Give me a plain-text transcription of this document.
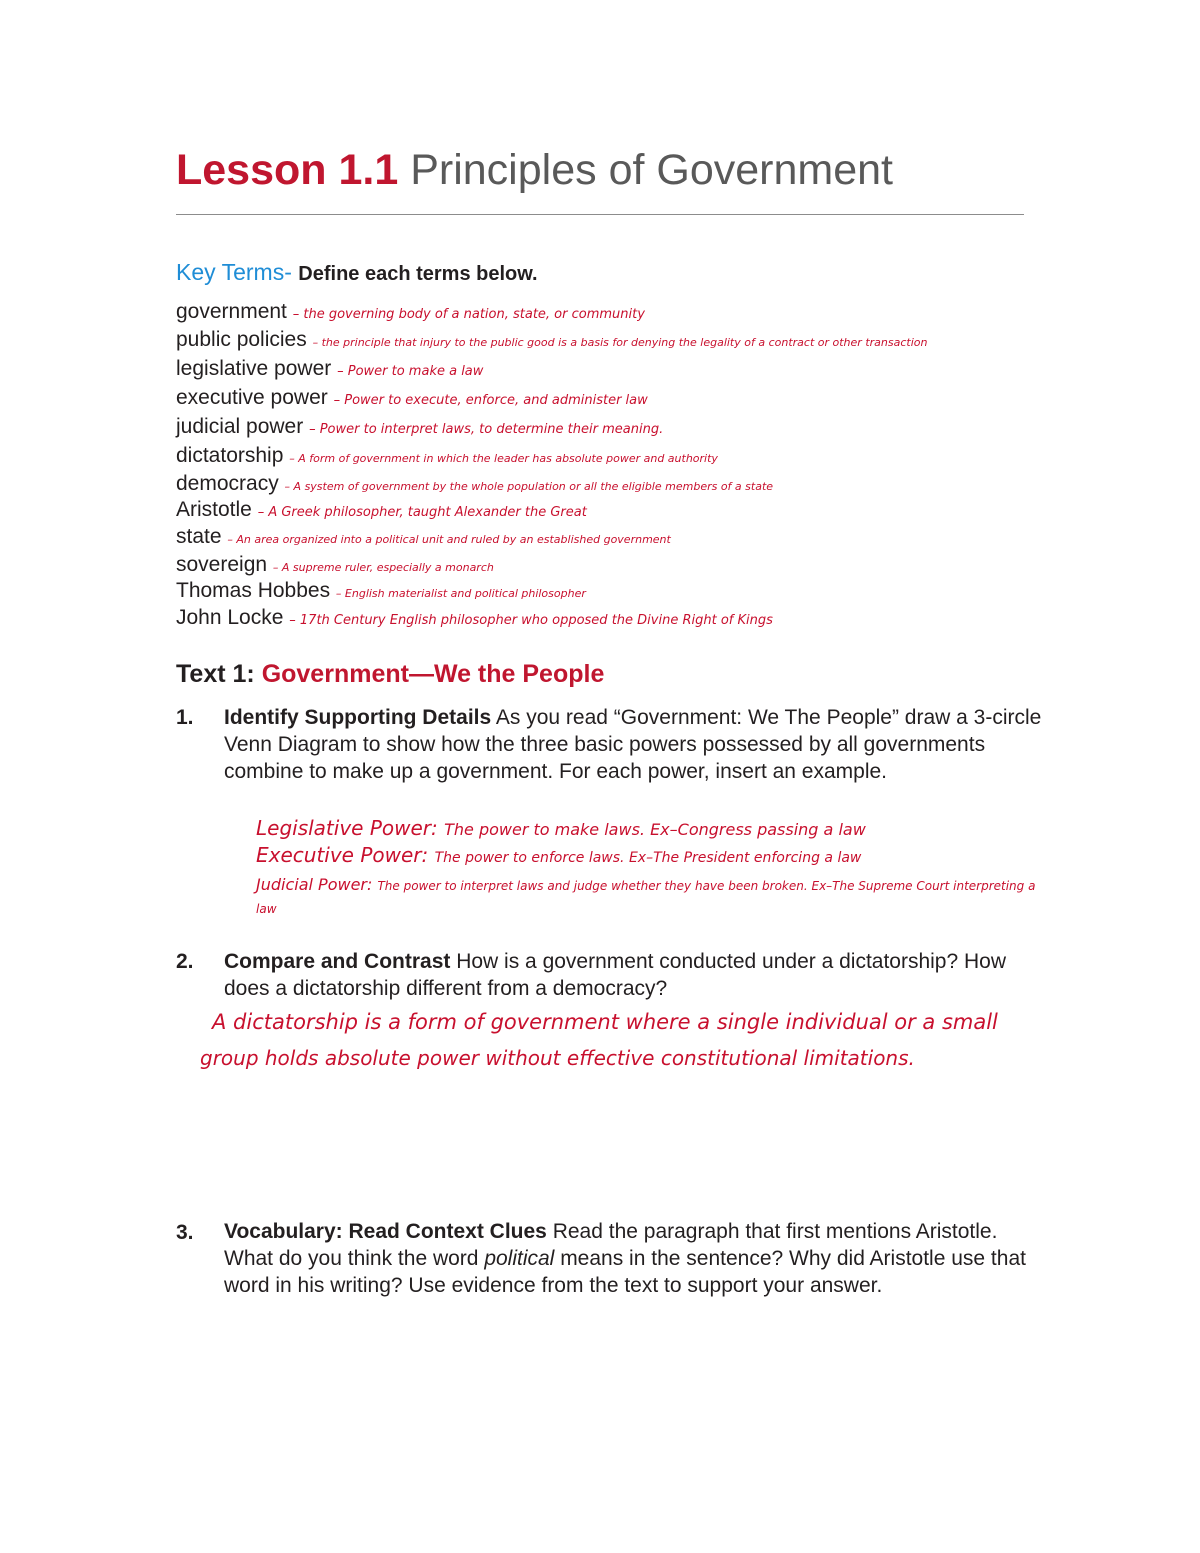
Lesson 1.1 Principles of Government
Key Terms- Define each terms below.
government – the governing body of a nation, state, or community
public policies – the principle that injury to the public good is a basis for denying the legality of a contract or other transaction
legislative power – Power to make a law
executive power – Power to execute, enforce, and administer law
judicial power – Power to interpret laws, to determine their meaning.
dictatorship – A form of government in which the leader has absolute power and authority
democracy – A system of government by the whole population or all the eligible members of a state
Aristotle – A Greek philosopher, taught Alexander the Great
state – An area organized into a political unit and ruled by an established government
sovereign – A supreme ruler, especially a monarch
Thomas Hobbes – English materialist and political philosopher
John Locke – 17th Century English philosopher who opposed the Divine Right of Kings
Text 1: Government—We the People
1. Identify Supporting Details As you read “Government: We The People” draw a 3-circle Venn Diagram to show how the three basic powers possessed by all governments combine to make up a government. For each power, insert an example.
Legislative Power: The power to make laws. Ex–Congress passing a law
Executive Power: The power to enforce laws. Ex–The President enforcing a law
Judicial Power: The power to interpret laws and judge whether they have been broken. Ex–The Supreme Court interpreting a law
2. Compare and Contrast How is a government conducted under a dictatorship? How does a dictatorship different from a democracy?
A dictatorship is a form of government where a single individual or a small
group holds absolute power without effective constitutional limitations.
3. Vocabulary: Read Context Clues Read the paragraph that first mentions Aristotle. What do you think the word political means in the sentence? Why did Aristotle use that word in his writing? Use evidence from the text to support your answer.
